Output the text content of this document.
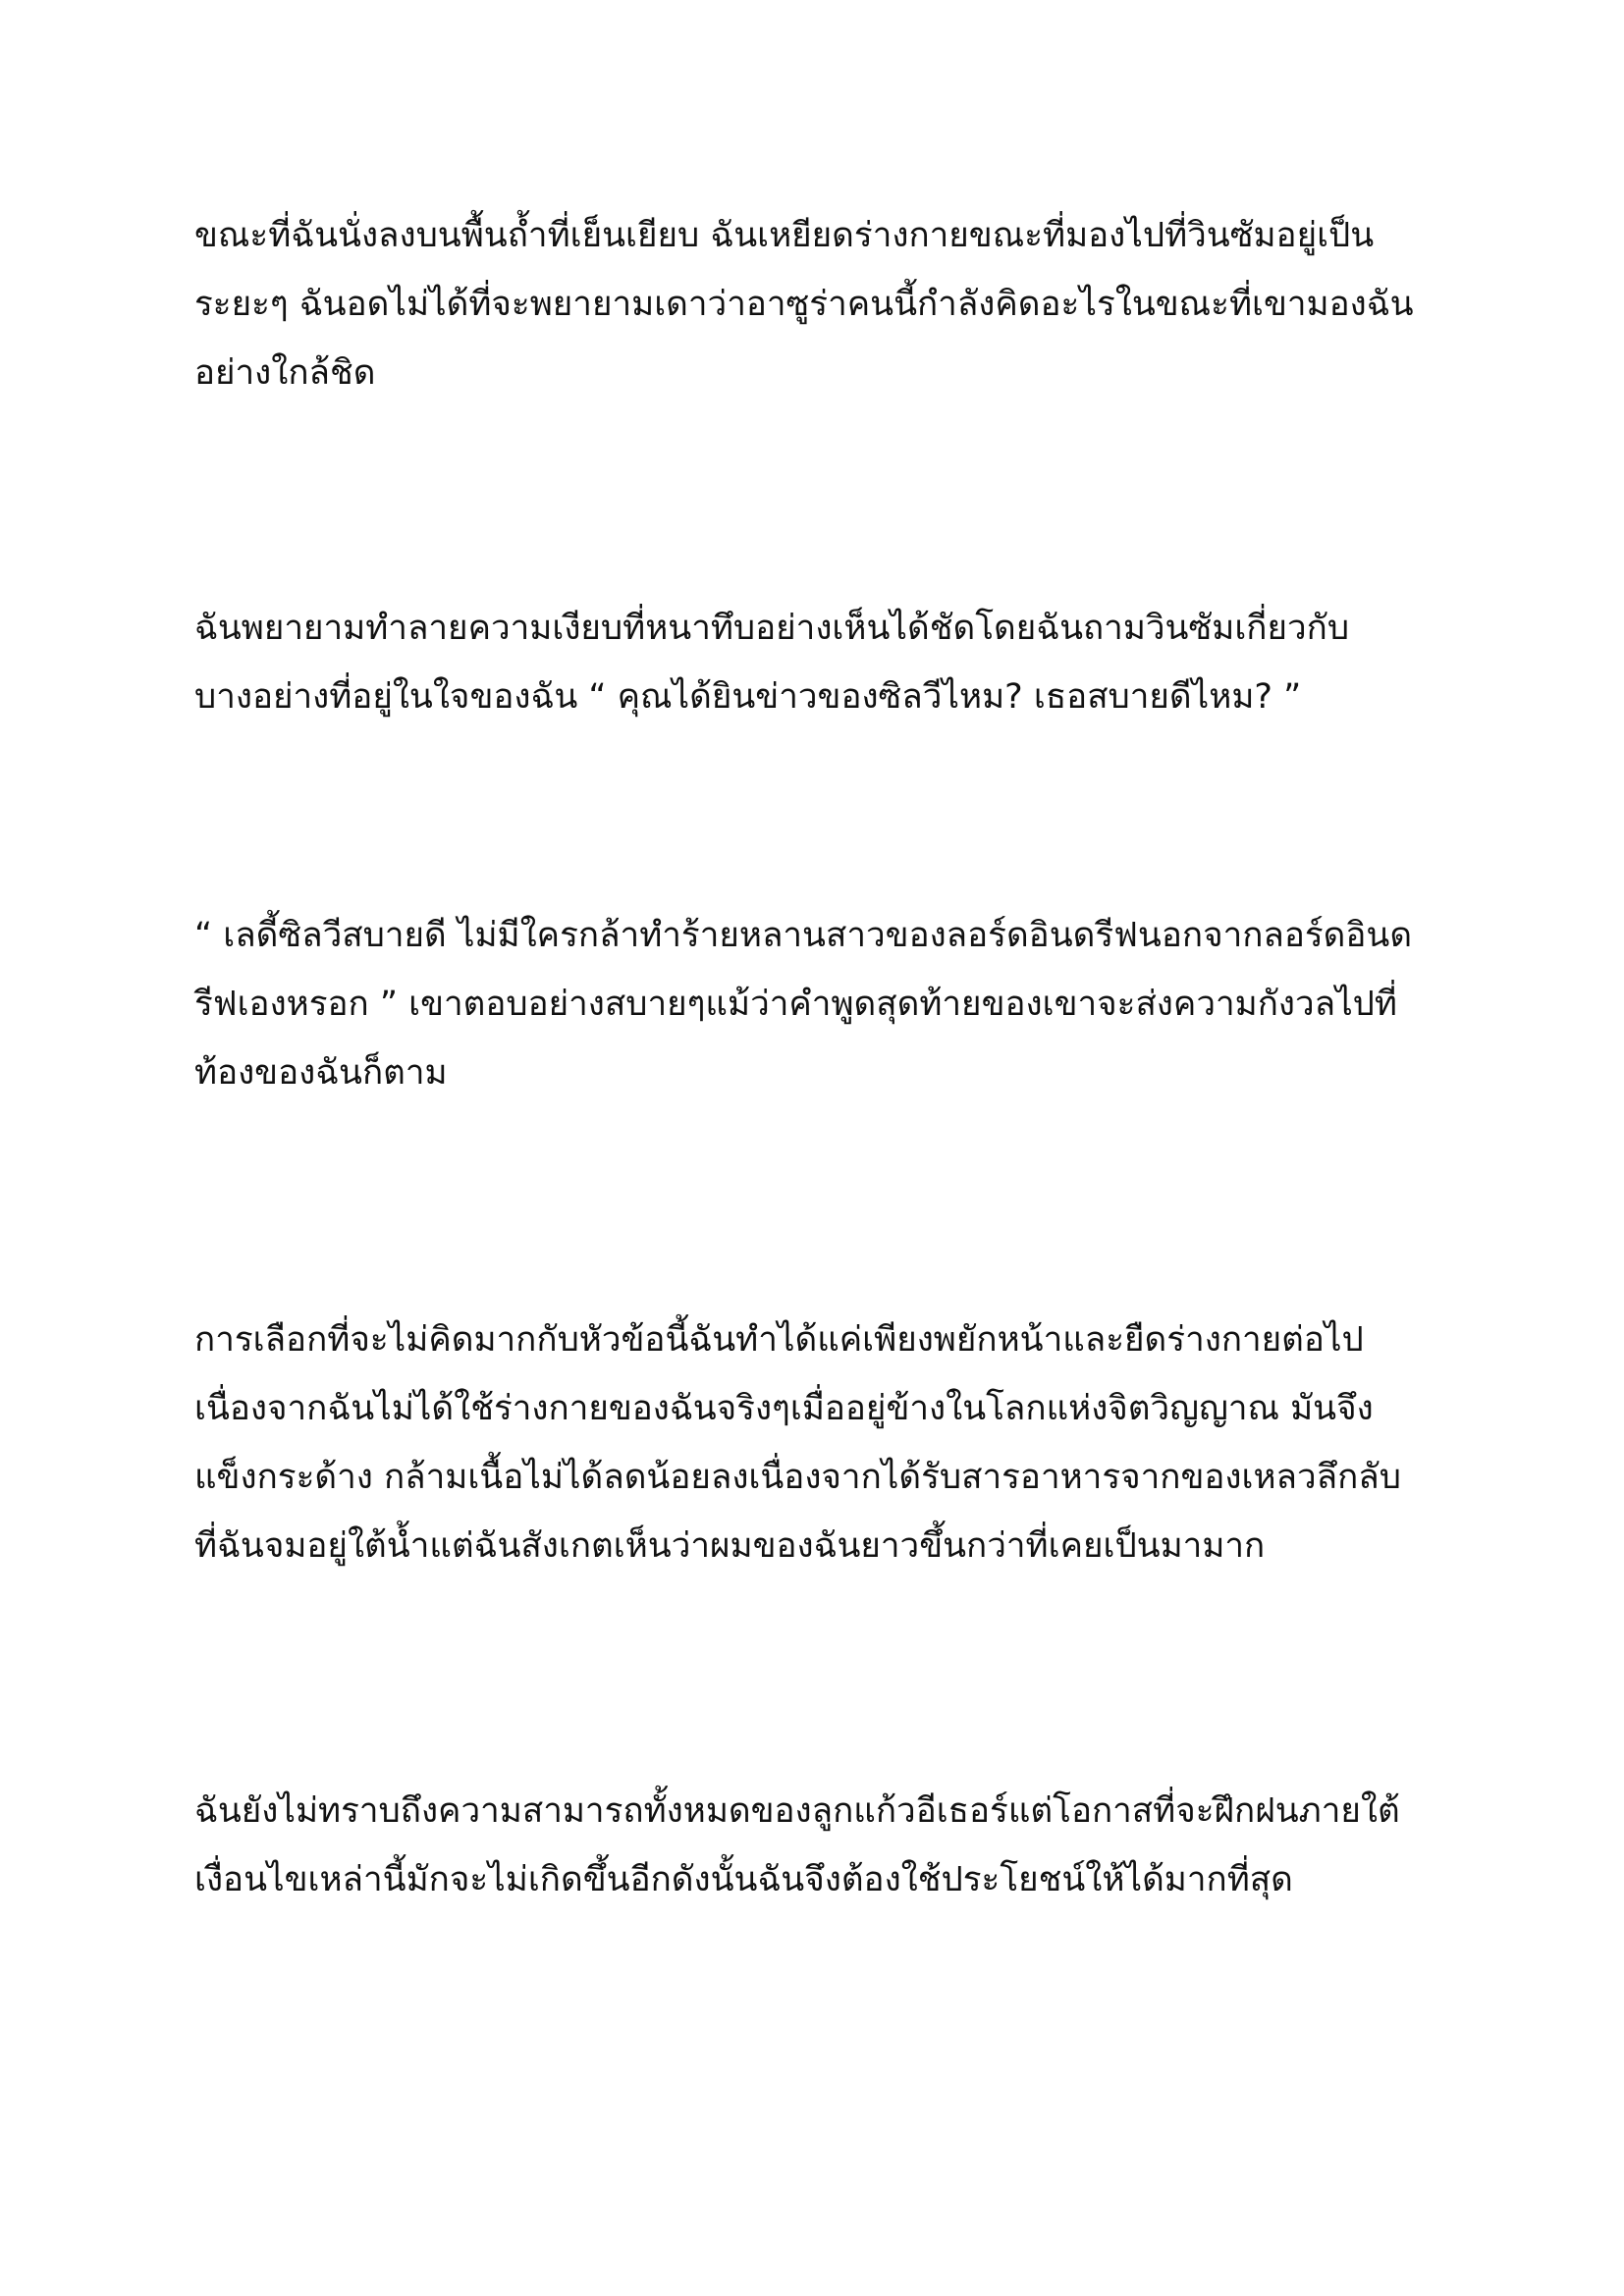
ขณะที่ฉันนั่งลงบนพื้นถ้ำที่เย็นเยียบ ฉันเหยียดร่างกายขณะที่มองไปที่วินซัมอยู่เป็น
ระยะๆ ฉันอดไม่ได้ที่จะพยายามเดาว่าอาซูร่าคนนี้กำลังคิดอะไรในขณะที่เขามองฉัน
อย่างใกล้ชิด

ฉันพยายามทำลายความเงียบที่หนาทึบอย่างเห็นได้ชัดโดยฉันถามวินซัมเกี่ยวกับ
บางอย่างที่อยู่ในใจของฉัน “ คุณได้ยินข่าวของซิลวีไหม? เธอสบายดีไหม? ”

“ เลดี้ซิลวีสบายดี ไม่มีใครกล้าทำร้ายหลานสาวของลอร์ดอินดรีฟนอกจากลอร์ดอินด
รีฟเองหรอก ” เขาตอบอย่างสบายๆแม้ว่าคำพูดสุดท้ายของเขาจะส่งความกังวลไปที่
ท้องของฉันก็ตาม

การเลือกที่จะไม่คิดมากกับหัวข้อนี้ฉันทำได้แค่เพียงพยักหน้าและยืดร่างกายต่อไป
เนื่องจากฉันไม่ได้ใช้ร่างกายของฉันจริงๆเมื่ออยู่ข้างในโลกแห่งจิตวิญญาณ มันจึง
แข็งกระด้าง กล้ามเนื้อไม่ได้ลดน้อยลงเนื่องจากได้รับสารอาหารจากของเหลวลึกลับ
ที่ฉันจมอยู่ใต้น้ำแต่ฉันสังเกตเห็นว่าผมของฉันยาวขึ้นกว่าที่เคยเป็นมามาก

ฉันยังไม่ทราบถึงความสามารถทั้งหมดของลูกแก้วอีเธอร์แต่โอกาสที่จะฝึกฝนภายใต้
เงื่อนไขเหล่านี้มักจะไม่เกิดขึ้นอีกดังนั้นฉันจึงต้องใช้ประโยชน์ให้ได้มากที่สุด
